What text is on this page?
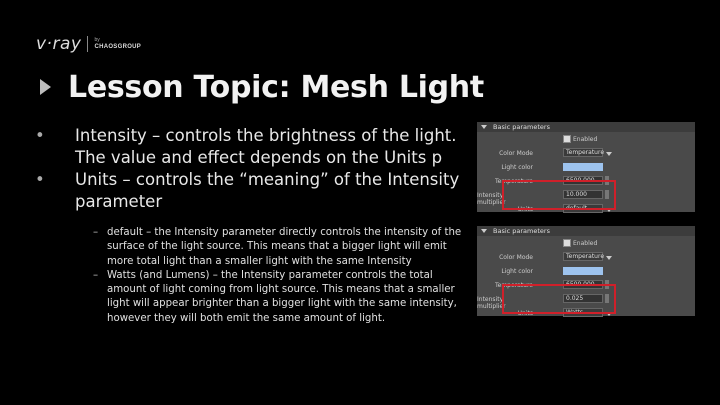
v·ray	by
CHAOSGROUP
Lesson Topic: Mesh Light
•	Intensity – controls the brightness of the light.
The value and effect depends on the Units p
•	Units – controls the “meaning” of the Intensity
parameter
– default – the Intensity parameter directly controls the intensity of the surface of the light source. This means that a bigger light will emit more total light than a smaller light with the same Intensity
– Watts (and Lumens) – the Intensity parameter controls the total amount of light coming from light source. This means that a smaller light will appear brighter than a bigger light with the same intensity, however they will both emit the same amount of light.
Basic parameters
Enabled
Color Mode	Temperature
Light color
Temperature	6500.000
Intensity multiplier
10.000
Units	default
Basic parameters
Enabled
Color Mode	Temperature
Light color
Temperature	6500.000
Intensity multiplier
0.025
Units	Watts
